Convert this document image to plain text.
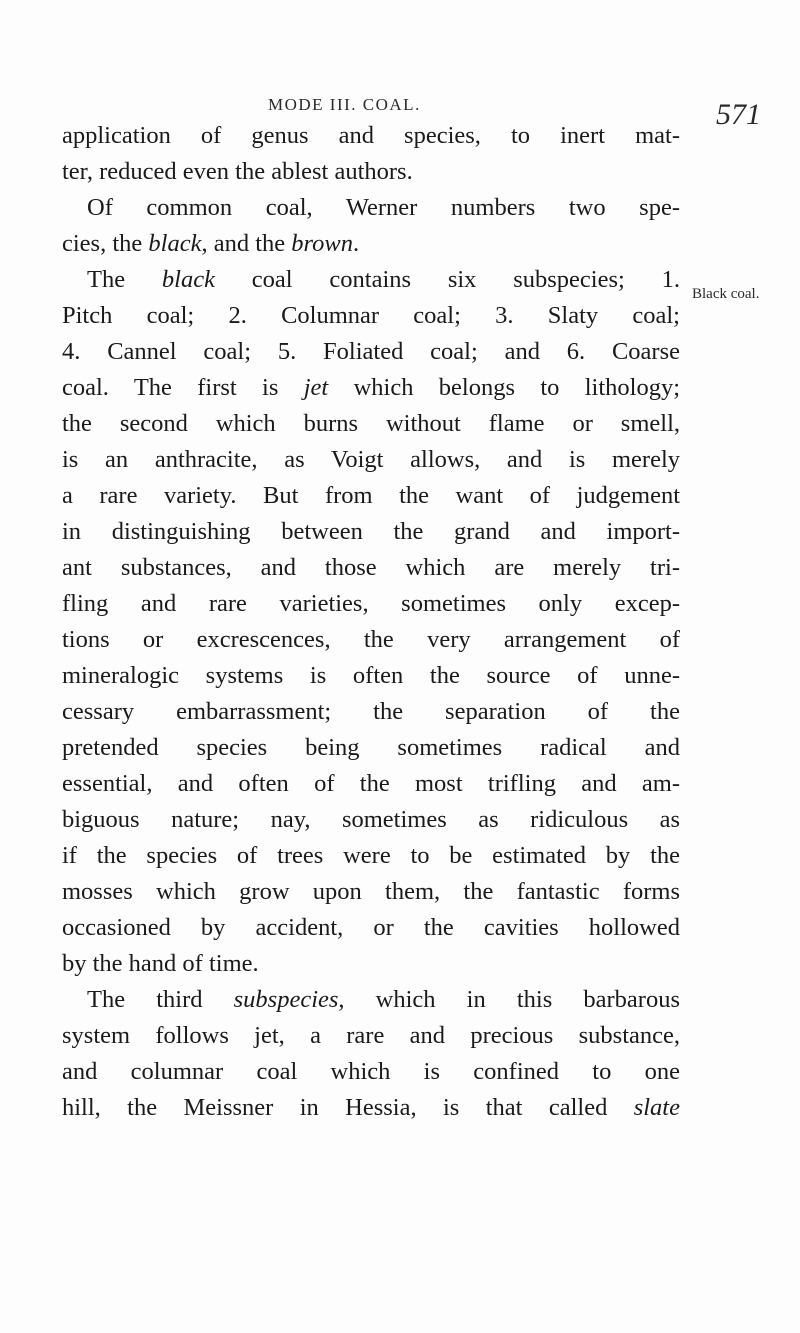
MODE III. COAL.	571
Black coal.
application of genus and species, to inert mat-
ter, reduced even the ablest authors.
Of common coal, Werner numbers two spe-
cies, the black, and the brown.
The black coal contains six subspecies; 1.
Pitch coal; 2. Columnar coal; 3. Slaty coal;
4. Cannel coal; 5. Foliated coal; and 6. Coarse
coal. The first is jet which belongs to lithology;
the second which burns without flame or smell,
is an anthracite, as Voigt allows, and is merely
a rare variety. But from the want of judgement
in distinguishing between the grand and import-
ant substances, and those which are merely tri-
fling and rare varieties, sometimes only excep-
tions or excrescences, the very arrangement of
mineralogic systems is often the source of unne-
cessary embarrassment; the separation of the
pretended species being sometimes radical and
essential, and often of the most trifling and am-
biguous nature; nay, sometimes as ridiculous as
if the species of trees were to be estimated by the
mosses which grow upon them, the fantastic forms
occasioned by accident, or the cavities hollowed
by the hand of time.
The third subspecies, which in this barbarous
system follows jet, a rare and precious substance,
and columnar coal which is confined to one
hill, the Meissner in Hessia, is that called slate
